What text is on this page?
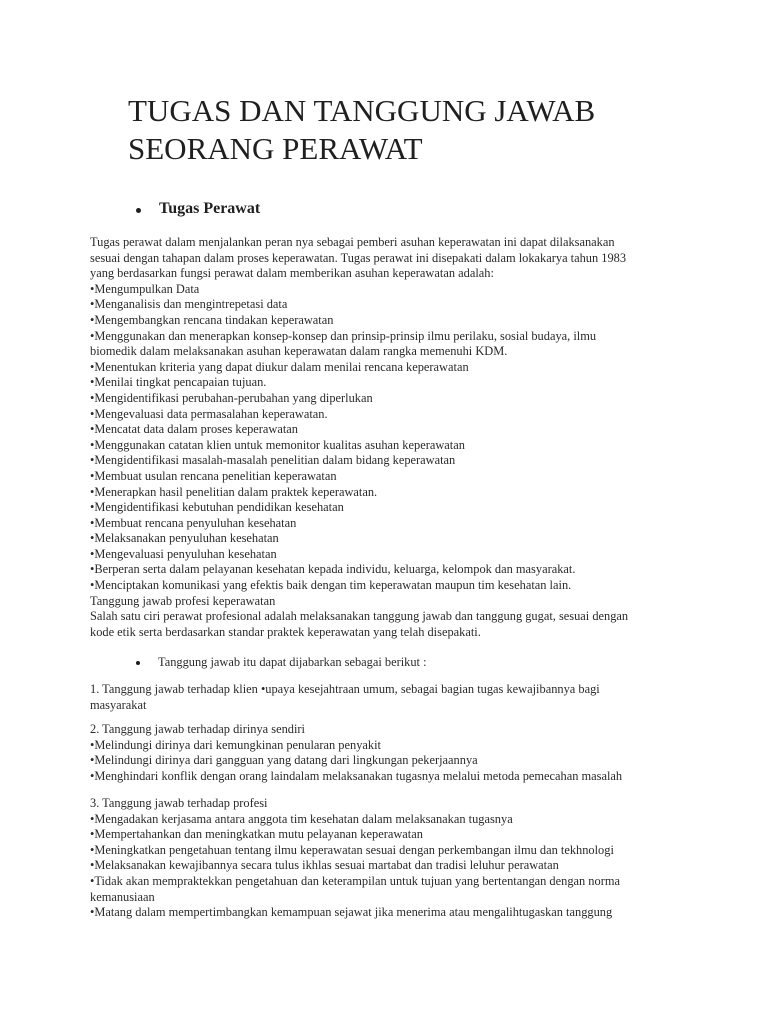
TUGAS DAN TANGGUNG JAWAB
SEORANG PERAWAT
Tugas Perawat

Tugas perawat dalam menjalankan peran nya sebagai pemberi asuhan keperawatan ini dapat dilaksanakan

sesuai dengan tahapan dalam proses keperawatan. Tugas perawat ini disepakati dalam lokakarya tahun 1983

yang berdasarkan fungsi perawat dalam memberikan asuhan keperawatan adalah:

•Mengumpulkan Data

•Menganalisis dan mengintrepetasi data

•Mengembangkan rencana tindakan keperawatan

•Menggunakan dan menerapkan konsep-konsep dan prinsip-prinsip ilmu perilaku, sosial budaya, ilmu

biomedik dalam melaksanakan asuhan keperawatan dalam rangka memenuhi KDM.

•Menentukan kriteria yang dapat diukur dalam menilai rencana keperawatan

•Menilai tingkat pencapaian tujuan.

•Mengidentifikasi perubahan-perubahan yang diperlukan

•Mengevaluasi data permasalahan keperawatan.

•Mencatat data dalam proses keperawatan

•Menggunakan catatan klien untuk memonitor kualitas asuhan keperawatan

•Mengidentifikasi masalah-masalah penelitian dalam bidang keperawatan

•Membuat usulan rencana penelitian keperawatan

•Menerapkan hasil penelitian dalam praktek keperawatan.

•Mengidentifikasi kebutuhan pendidikan kesehatan

•Membuat rencana penyuluhan kesehatan

•Melaksanakan penyuluhan kesehatan

•Mengevaluasi penyuluhan kesehatan

•Berperan serta dalam pelayanan kesehatan kepada individu, keluarga, kelompok dan masyarakat.

•Menciptakan komunikasi yang efektis baik dengan tim keperawatan maupun tim kesehatan lain.

Tanggung jawab profesi keperawatan

Salah satu ciri perawat profesional adalah melaksanakan tanggung jawab dan tanggung gugat, sesuai dengan

kode etik serta berdasarkan standar praktek keperawatan yang telah disepakati.

Tanggung jawab itu dapat dijabarkan sebagai berikut :

1. Tanggung jawab terhadap klien •upaya kesejahtraan umum, sebagai bagian tugas kewajibannya bagi

masyarakat

2. Tanggung jawab terhadap dirinya sendiri

•Melindungi dirinya dari kemungkinan penularan penyakit

•Melindungi dirinya dari gangguan yang datang dari lingkungan pekerjaannya

•Menghindari konflik dengan orang laindalam melaksanakan tugasnya melalui metoda pemecahan masalah

3. Tanggung jawab terhadap profesi

•Mengadakan kerjasama antara anggota tim kesehatan dalam melaksanakan tugasnya

•Mempertahankan dan meningkatkan mutu pelayanan keperawatan

•Meningkatkan pengetahuan tentang ilmu keperawatan sesuai dengan perkembangan ilmu dan tekhnologi

•Melaksanakan kewajibannya secara tulus ikhlas sesuai martabat dan tradisi leluhur perawatan

•Tidak akan mempraktekkan pengetahuan dan keterampilan untuk tujuan yang bertentangan dengan norma

kemanusiaan

•Matang dalam mempertimbangkan kemampuan sejawat jika menerima atau mengalihtugaskan tanggung
